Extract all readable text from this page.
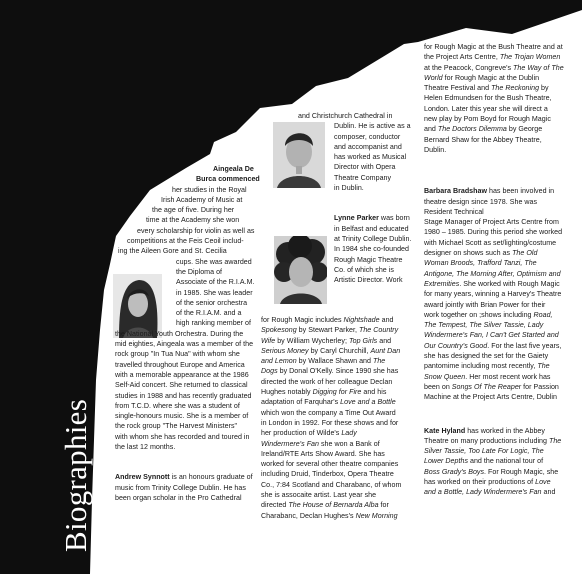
Biographies

Aingeala De

Burca commenced

her studies in the Royal

Irish Academy of Music at

the age of five. During her

time at the Academy she won

every scholarship for violin as well as

competitions at the Feis Ceoil includ-

ing the Aileen Gore and St. Cecilia

cups. She was awarded

the Diploma of

Associate of the R.I.A.M.

in 1985. She was leader

of the senior orchestra

of the R.I.A.M. and a

high ranking member of

the National Youth Orchestra. During the

mid eighties, Aingeala was a member of the

rock group "In Tua Nua" with whom she

travelled throughout Europe and America

with a memorable appearance at the 1986

Self-Aid concert. She returned to classical

studies in 1988 and has recently graduated

from T.C.D. where she was a student of

single-honours music. She is a member of

the rock group "The Harvest Ministers"

with whom she has recorded and toured in

the last 12 months.

Andrew Synnott is an honours graduate of

music from Trinity College Dublin. He has

been organ scholar in the Pro Cathedral

and Christchurch Cathedral in

Dublin. He is active as a

composer, conductor

and accompanist and

has worked as Musical

Director with Opera

Theatre Company

in Dublin.

Lynne Parker was born

in Belfast and educated

at Trinity College Dublin.

In 1984 she co-founded

Rough Magic Theatre

Co. of which she is

Artistic Director. Work

for Rough Magic includes Nightshade and

Spokesong by Stewart Parker, The Country

Wife by William Wycherley; Top Girls and

Serious Money by Caryl Churchill, Aunt Dan

and Lemon by Wallace Shawn and The

Dogs by Donal O'Kelly. Since 1990 she has

directed the work of her colleague Declan

Hughes notably Digging for Fire and his

adaptation of Farquhar's Love and a Bottle

which won the company a Time Out Award

in London in 1992. For these shows and for

her production of Wilde's Lady

Windermere's Fan she won a Bank of

Ireland/RTE Arts Show Award. She has

worked for several other theatre companies

including Druid, Tinderbox, Opera Theatre

Co., 7:84 Scotland and Charabanc, of whom

she is assocaite artist. Last year she

directed The House of Bernarda Alba for

Charabanc, Declan Hughes's New Morning

for Rough Magic at the Bush Theatre and at

the Project Arts Centre, The Trojan Women

at the Peacock, Congreve's The Way of The

World for Rough Magic at the Dublin

Theatre Festival and The Reckoning by

Helen Edmundsen for the Bush Theatre,

London. Later this year she will direct a

new play by Pom Boyd for Rough Magic

and The Doctors Dilemma by George

Bernard Shaw for the Abbey Theatre,

Dublin.

Barbara Bradshaw has been involved in

theatre design since 1978. She was

Resident Technical

Stage Manager of Project Arts Centre from

1980 – 1985. During this period she worked

with Michael Scott as set/lighting/costume

designer on shows such as The Old

Woman Broods, Trafford Tanzi, The

Antigone, The Morning After, Optimism and

Extremities. She worked with Rough Magic

for many years, winning a Harvey's Theatre

award jointly with Brian Power for their

work together on ;shows including Road,

The Tempest, The Silver Tassie, Lady

Windermere's Fan, I Can't Get Started and

Our Country's Good. For the last five years,

she has designed the set for the Gaiety

pantomime including most recently, The

Snow Queen. Her most recent work has

been on Songs Of The Reaper for Passion

Machine at the Project Arts Centre, Dublin

Kate Hyland has worked in the Abbey

Theatre on many productions including The

Silver Tassie, Too Late For Logic, The

Lower Depths and the national tour of

Boss Grady's Boys. For Rough Magic, she

has worked on their productions of Love

and a Bottle, Lady Windermere's Fan and
